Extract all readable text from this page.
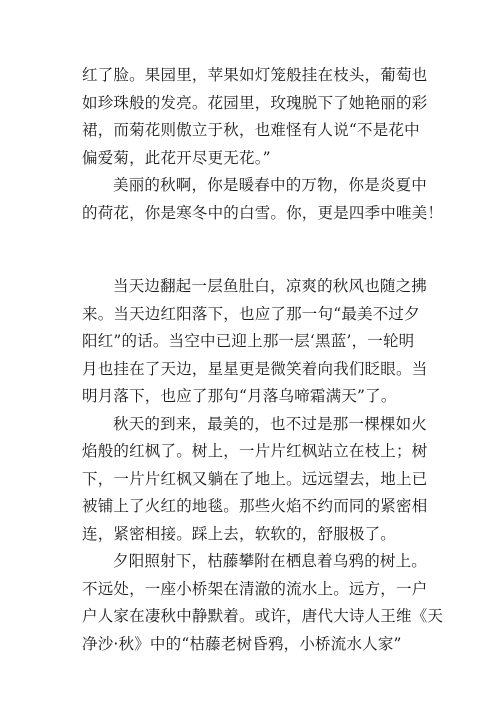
红了脸。果园里，苹果如灯笼般挂在枝头，葡萄也
如珍珠般的发亮。花园里，玫瑰脱下了她艳丽的彩
裙，而菊花则傲立于秋，也难怪有人说“不是花中
偏爱菊，此花开尽更无花。”
美丽的秋啊，你是暖春中的万物，你是炎夏中
的荷花，你是寒冬中的白雪。你，更是四季中唯美！
当天边翻起一层鱼肚白，凉爽的秋风也随之拂
来。当天边红阳落下，也应了那一句“最美不过夕
阳红”的话。当空中已迎上那一层‘黑蓝’，一轮明
月也挂在了天边，星星更是微笑着向我们眨眼。当
明月落下，也应了那句“月落乌啼霜满天”了。
秋天的到来，最美的，也不过是那一棵棵如火
焰般的红枫了。树上，一片片红枫站立在枝上；树
下，一片片红枫又躺在了地上。远远望去，地上已
被铺上了火红的地毯。那些火焰不约而同的紧密相
连，紧密相接。踩上去，软软的，舒服极了。
夕阳照射下，枯藤攀附在栖息着乌鸦的树上。
不远处，一座小桥架在清澈的流水上。远方，一户
户人家在凄秋中静默着。或许，唐代大诗人王维《天
净沙·秋》中的“枯藤老树昏鸦，小桥流水人家”
